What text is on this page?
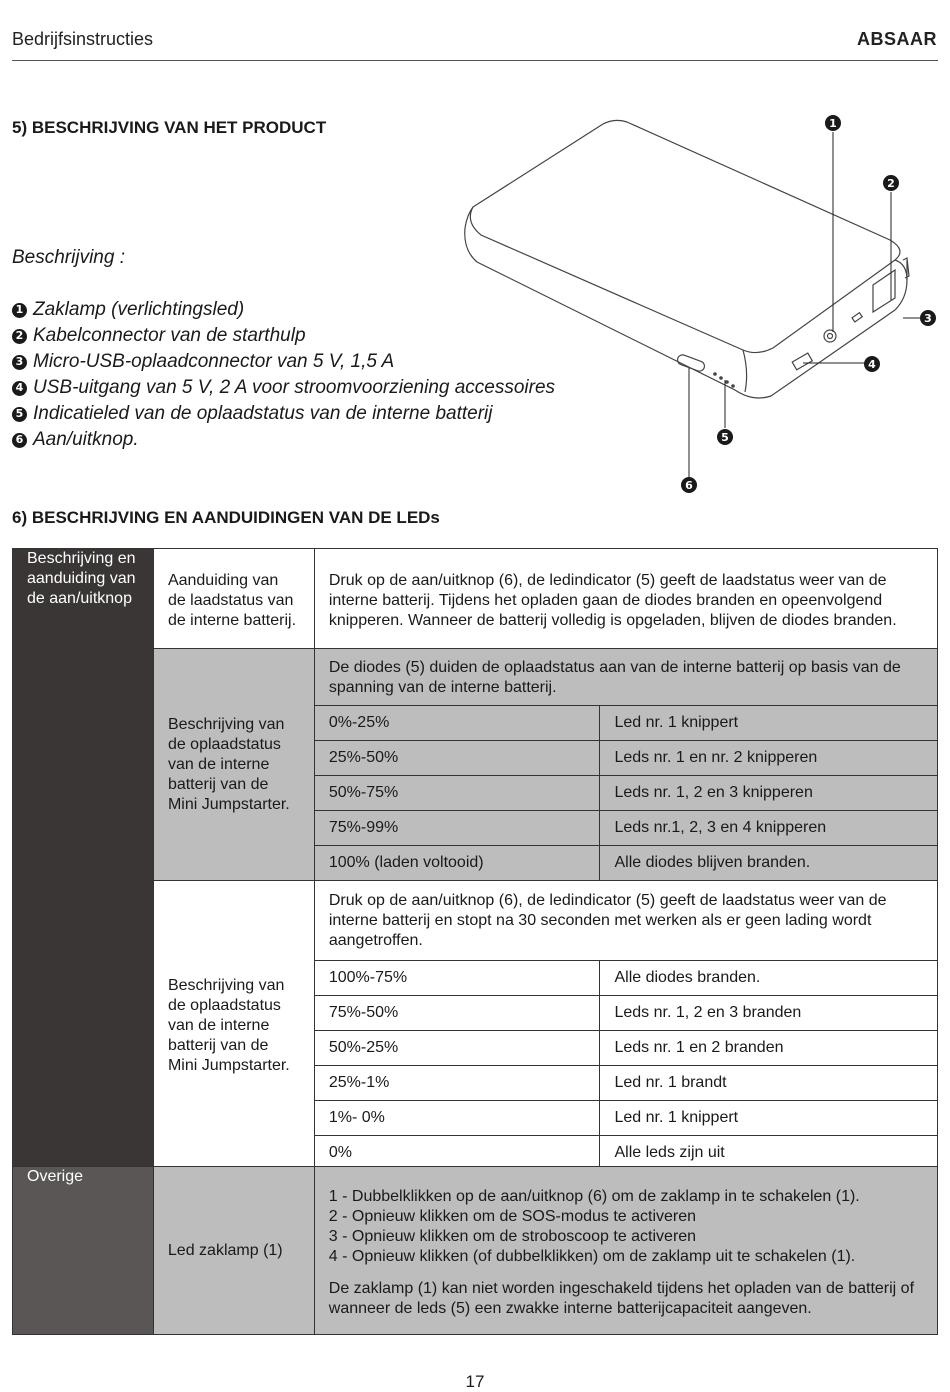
Bedrijfsinstructies	ABSAAR
5) BESCHRIJVING VAN HET PRODUCT
Beschrijving :
1 Zaklamp (verlichtingsled)
2 Kabelconnector van de starthulp
3 Micro-USB-oplaadconnector van 5 V, 1,5 A
4 USB-uitgang van 5 V, 2 A voor stroomvoorziening accessoires
5 Indicatieled van de oplaadstatus van de interne batterij
6 Aan/uitknop.
1
2
3
4
5
6
6) BESCHRIJVING EN AANDUIDINGEN VAN DE LEDs
Beschrijving en aanduiding van de aan/uitknop	Aanduiding van de laadstatus van de interne batterij.	Druk op de aan/uitknop (6), de ledindicator (5) geeft de laadstatus weer van de interne batterij. Tijdens het opladen gaan de diodes branden en opeenvolgend knipperen. Wanneer de batterij volledig is opgeladen, blijven de diodes branden.	
	Beschrijving van de oplaadstatus van de interne batterij van de Mini Jumpstarter.	De diodes (5) duiden de oplaadstatus aan van de interne batterij op basis van de spanning van de interne batterij.	
		0%-25%	Led nr. 1 knippert
		25%-50%	Leds nr. 1 en nr. 2 knipperen
		50%-75%	Leds nr. 1, 2 en 3 knipperen
		75%-99%	Leds nr.1, 2, 3 en 4 knipperen
		100% (laden voltooid)	Alle diodes blijven branden.
	Beschrijving van de oplaadstatus van de interne batterij van de Mini Jumpstarter.	Druk op de aan/uitknop (6), de ledindicator (5) geeft de laadstatus weer van de interne batterij en stopt na 30 seconden met werken als er geen lading wordt aangetroffen.	
		100%-75%	Alle diodes branden.
		75%-50%	Leds nr. 1, 2 en 3 branden
		50%-25%	Leds nr. 1 en 2 branden
		25%-1%	Led nr. 1 brandt
		1%- 0%	Led nr. 1 knippert
		0%	Alle leds zijn uit
Overige	Led zaklamp (1)	
1 - Dubbelklikken op de aan/uitknop (6) om de zaklamp in te schakelen (1).
2 - Opnieuw klikken om de SOS-modus te activeren
3 - Opnieuw klikken om de stroboscoop te activeren
4 - Opnieuw klikken (of dubbelklikken) om de zaklamp uit te schakelen (1).
De zaklamp (1) kan niet worden ingeschakeld tijdens het opladen van de batterij of wanneer de leds (5) een zwakke interne batterijcapaciteit aangeven.
17
